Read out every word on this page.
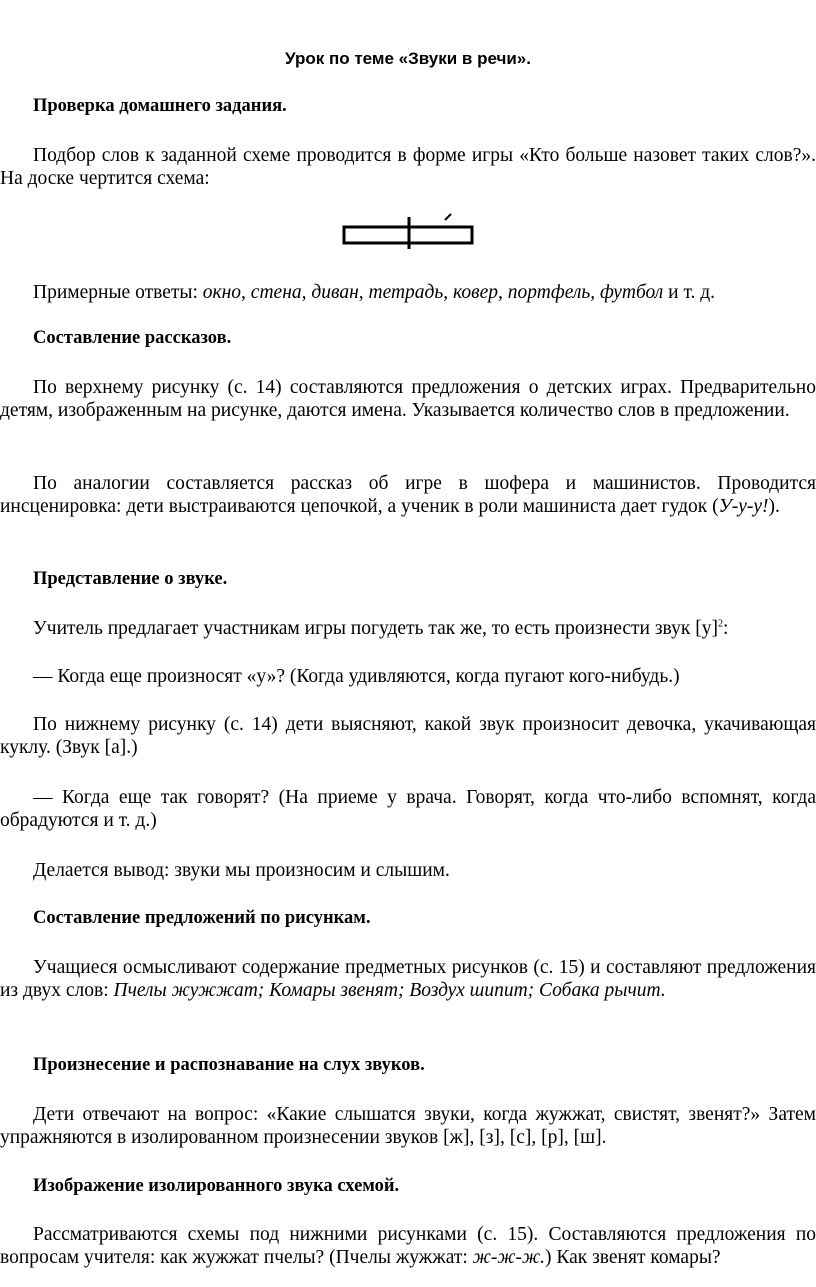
Урок по теме «Звуки в речи».
Проверка домашнего задания.
Подбор слов к заданной схеме проводится в форме игры «Кто больше назовет таких слов?». На доске чертится схема:
Примерные ответы: окно, стена, диван, тетрадь, ковер, портфель, футбол и т. д.
Составление рассказов.
По верхнему рисунку (с. 14) составляются предложения о детских играх. Предварительно детям, изображенным на рисунке, даются имена. Указывается количество слов в предложении.
По аналогии составляется рассказ об игре в шофера и машинистов. Проводится инсценировка: дети выстраиваются цепочкой, а ученик в роли машиниста дает гудок (У-у-у!).
Представление о звуке.
Учитель предлагает участникам игры погудеть так же, то есть произнести звук $[у]^2$:
— Когда еще произносят «у»? (Когда удивляются, когда пугают кого-нибудь.)
По нижнему рисунку (с. 14) дети выясняют, какой звук произносит девочка, укачивающая куклу. (Звук [а].)
— Когда еще так говорят? (На приеме у врача. Говорят, когда что-либо вспомнят, когда обрадуются и т. д.)
Делается вывод: звуки мы произносим и слышим.
Составление предложений по рисункам.
Учащиеся осмысливают содержание предметных рисунков (с. 15) и составляют предложения из двух слов: Пчелы жужжат; Комары звенят; Воздух шипит; Собака рычит.
Произнесение и распознавание на слух звуков.
Дети отвечают на вопрос: «Какие слышатся звуки, когда жужжат, свистят, звенят?» Затем упражняются в изолированном произнесении звуков [ж], [з], [с], [р], [ш].
Изображение изолированного звука схемой.
Рассматриваются схемы под нижними рисунками (с. 15). Составляются предложения по вопросам учителя: как жужжат пчелы? (Пчелы жужжат: ж-ж-ж.) Как звенят комары?
